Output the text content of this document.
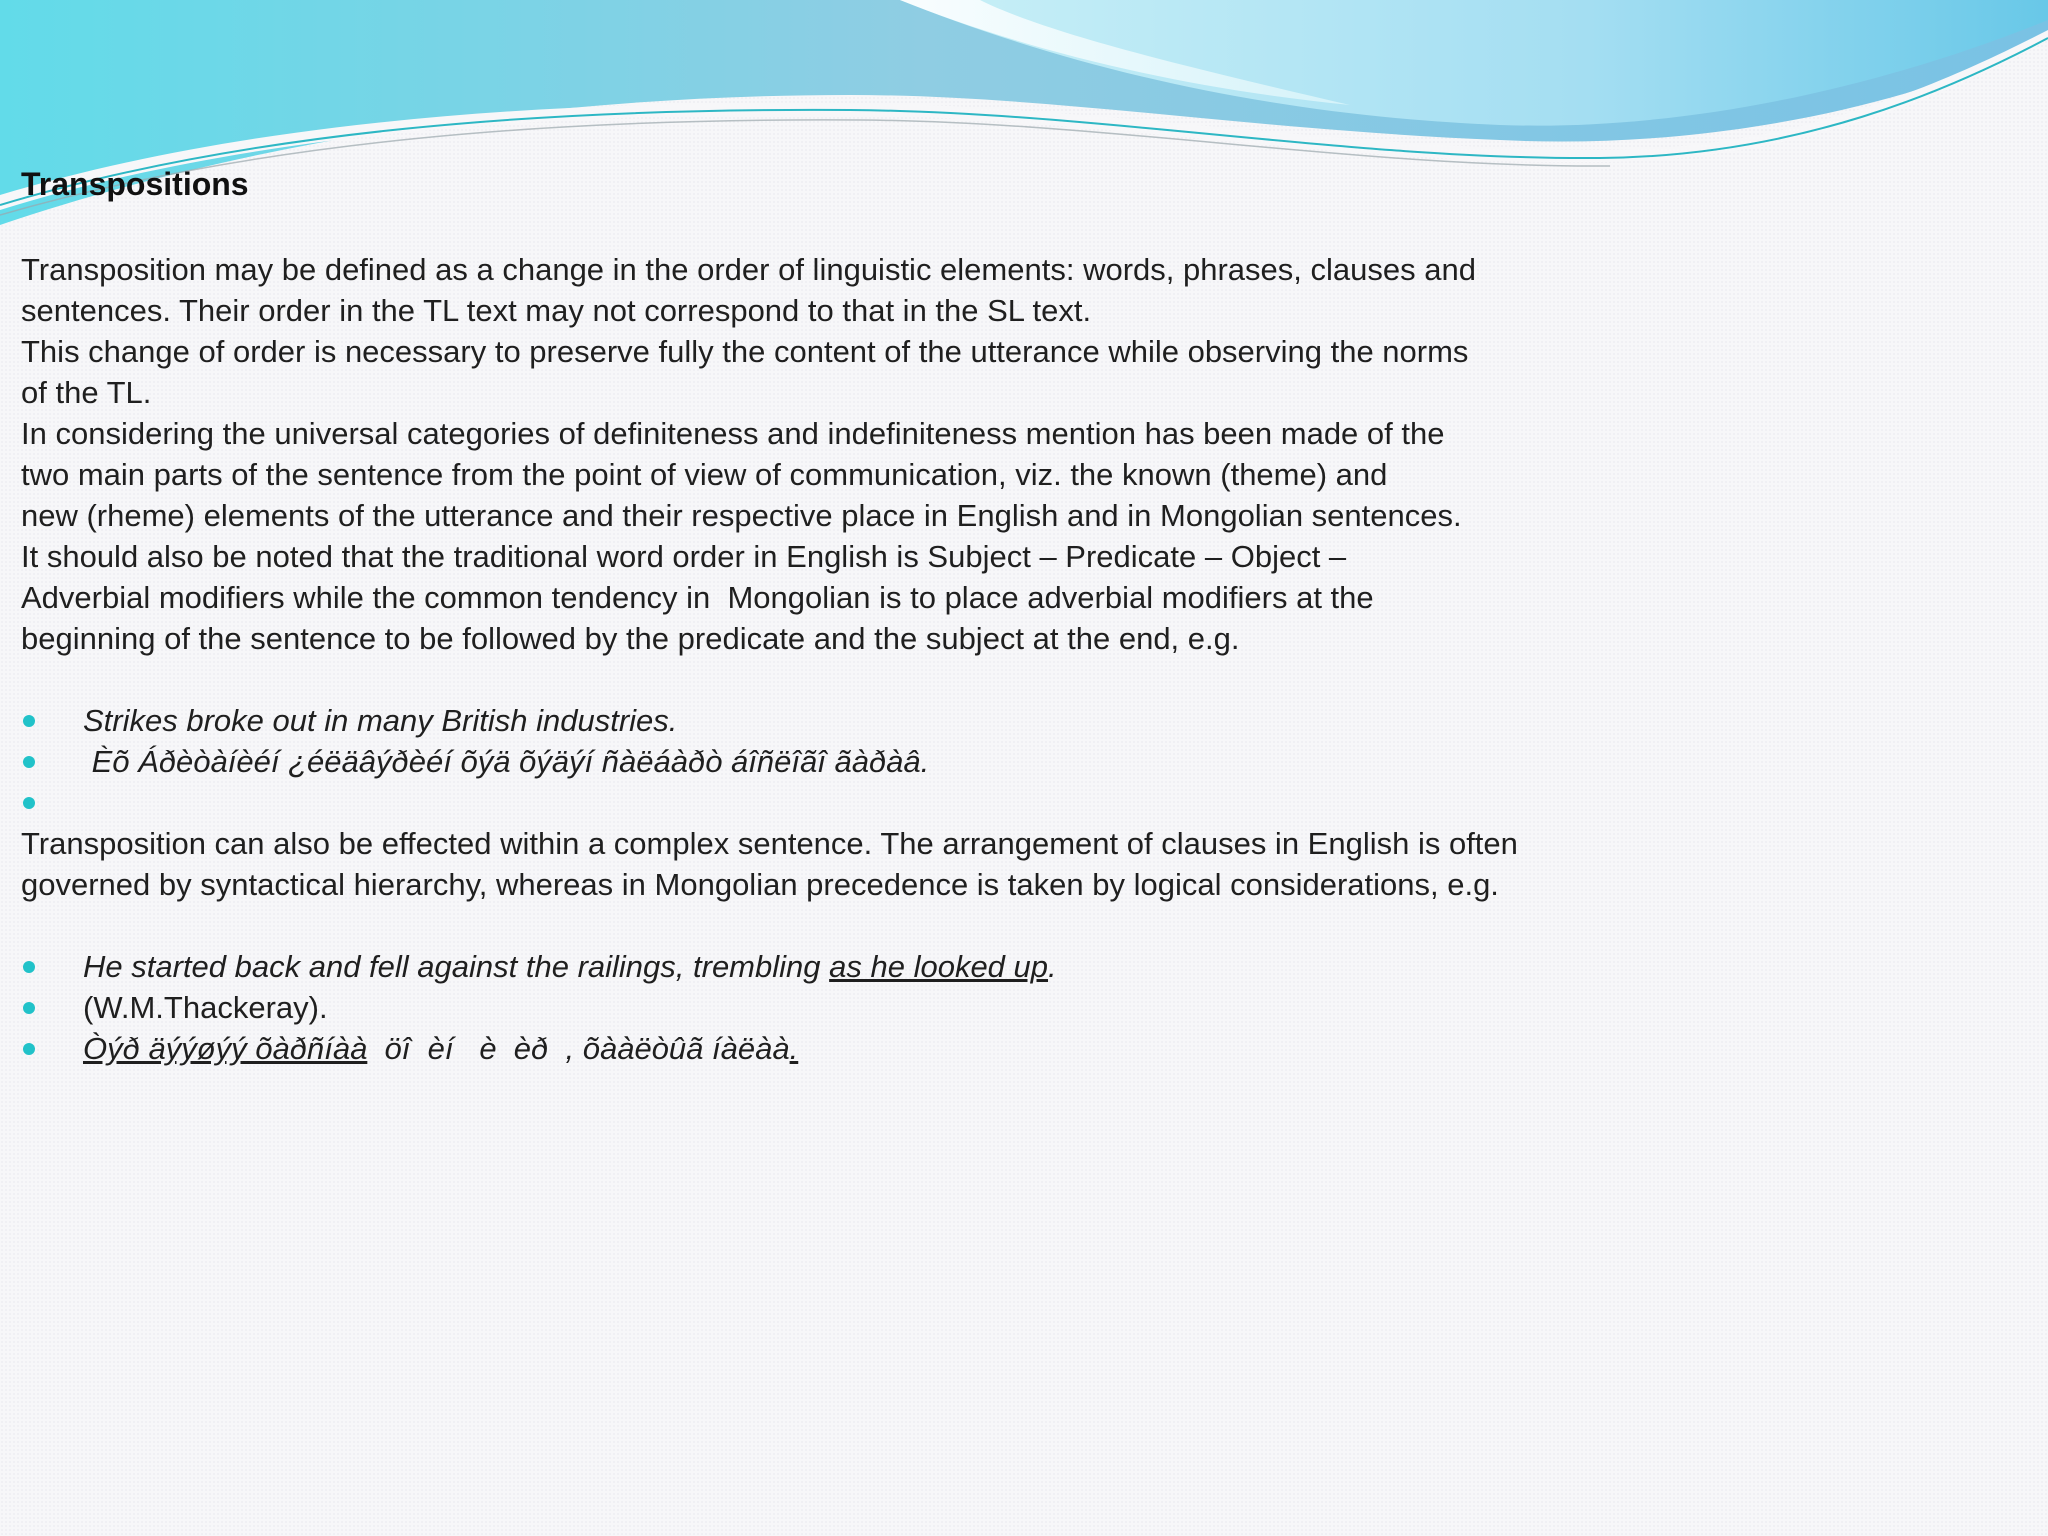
Transpositions

Transposition may be defined as a change in the order of linguistic elements: words, phrases, clauses and

sentences. Their order in the TL text may not correspond to that in the SL text.

This change of order is necessary to preserve fully the content of the utterance while observing the norms

of the TL.

In considering the universal categories of definiteness and indefiniteness mention has been made of the

two main parts of the sentence from the point of view of communication, viz. the known (theme) and

new (rheme) elements of the utterance and their respective place in English and in Mongolian sentences.

It should also be noted that the traditional word order in English is Subject – Predicate – Object –

Adverbial modifiers while the common tendency in  Mongolian is to place adverbial modifiers at the

beginning of the sentence to be followed by the predicate and the subject at the end, e.g.

Strikes broke out in many British industries.

Èõ Áðèòàíèéí ¿éëäâýðèéí õýä õýäýí ñàëáàðò áîñëîãî ãàðàâ.

Transposition can also be effected within a complex sentence. The arrangement of clauses in English is often

governed by syntactical hierarchy, whereas in Mongolian precedence is taken by logical considerations, e.g.

He started back and fell against the railings, trembling as he looked up.

(W.M.Thackeray).

Òýð äýýøýý õàðñíàà  öî  èí   è  èð  , õààëòûã íàëàà.
